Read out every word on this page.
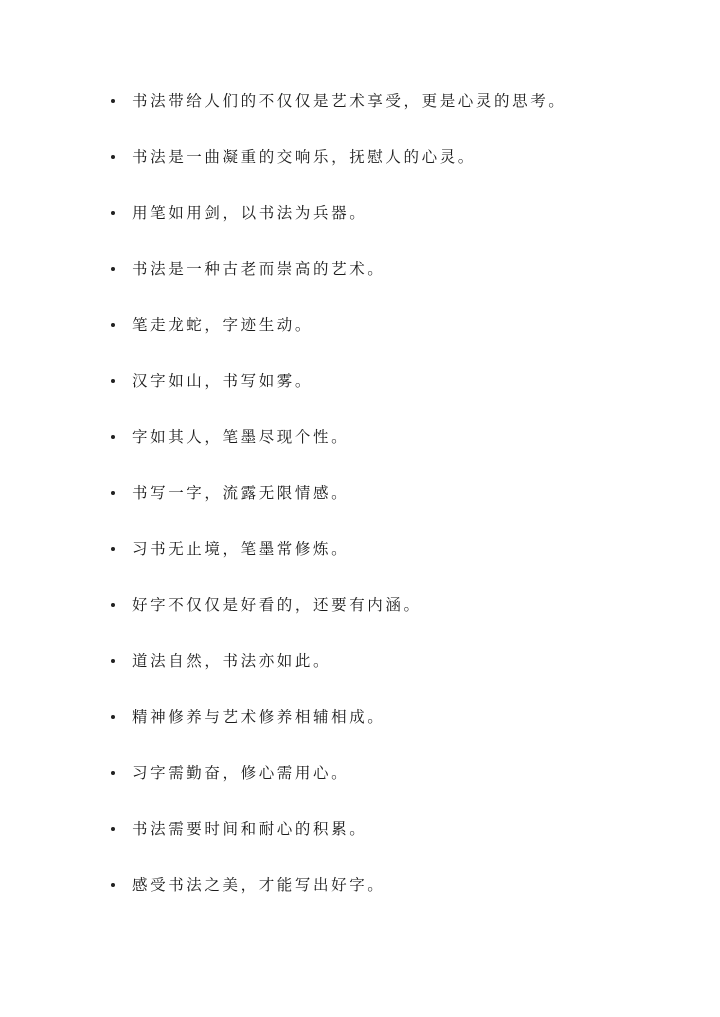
书法带给人们的不仅仅是艺术享受，更是心灵的思考。
书法是一曲凝重的交响乐，抚慰人的心灵。
用笔如用剑，以书法为兵器。
书法是一种古老而崇高的艺术。
笔走龙蛇，字迹生动。
汉字如山，书写如雾。
字如其人，笔墨尽现个性。
书写一字，流露无限情感。
习书无止境，笔墨常修炼。
好字不仅仅是好看的，还要有内涵。
道法自然，书法亦如此。
精神修养与艺术修养相辅相成。
习字需勤奋，修心需用心。
书法需要时间和耐心的积累。
感受书法之美，才能写出好字。
